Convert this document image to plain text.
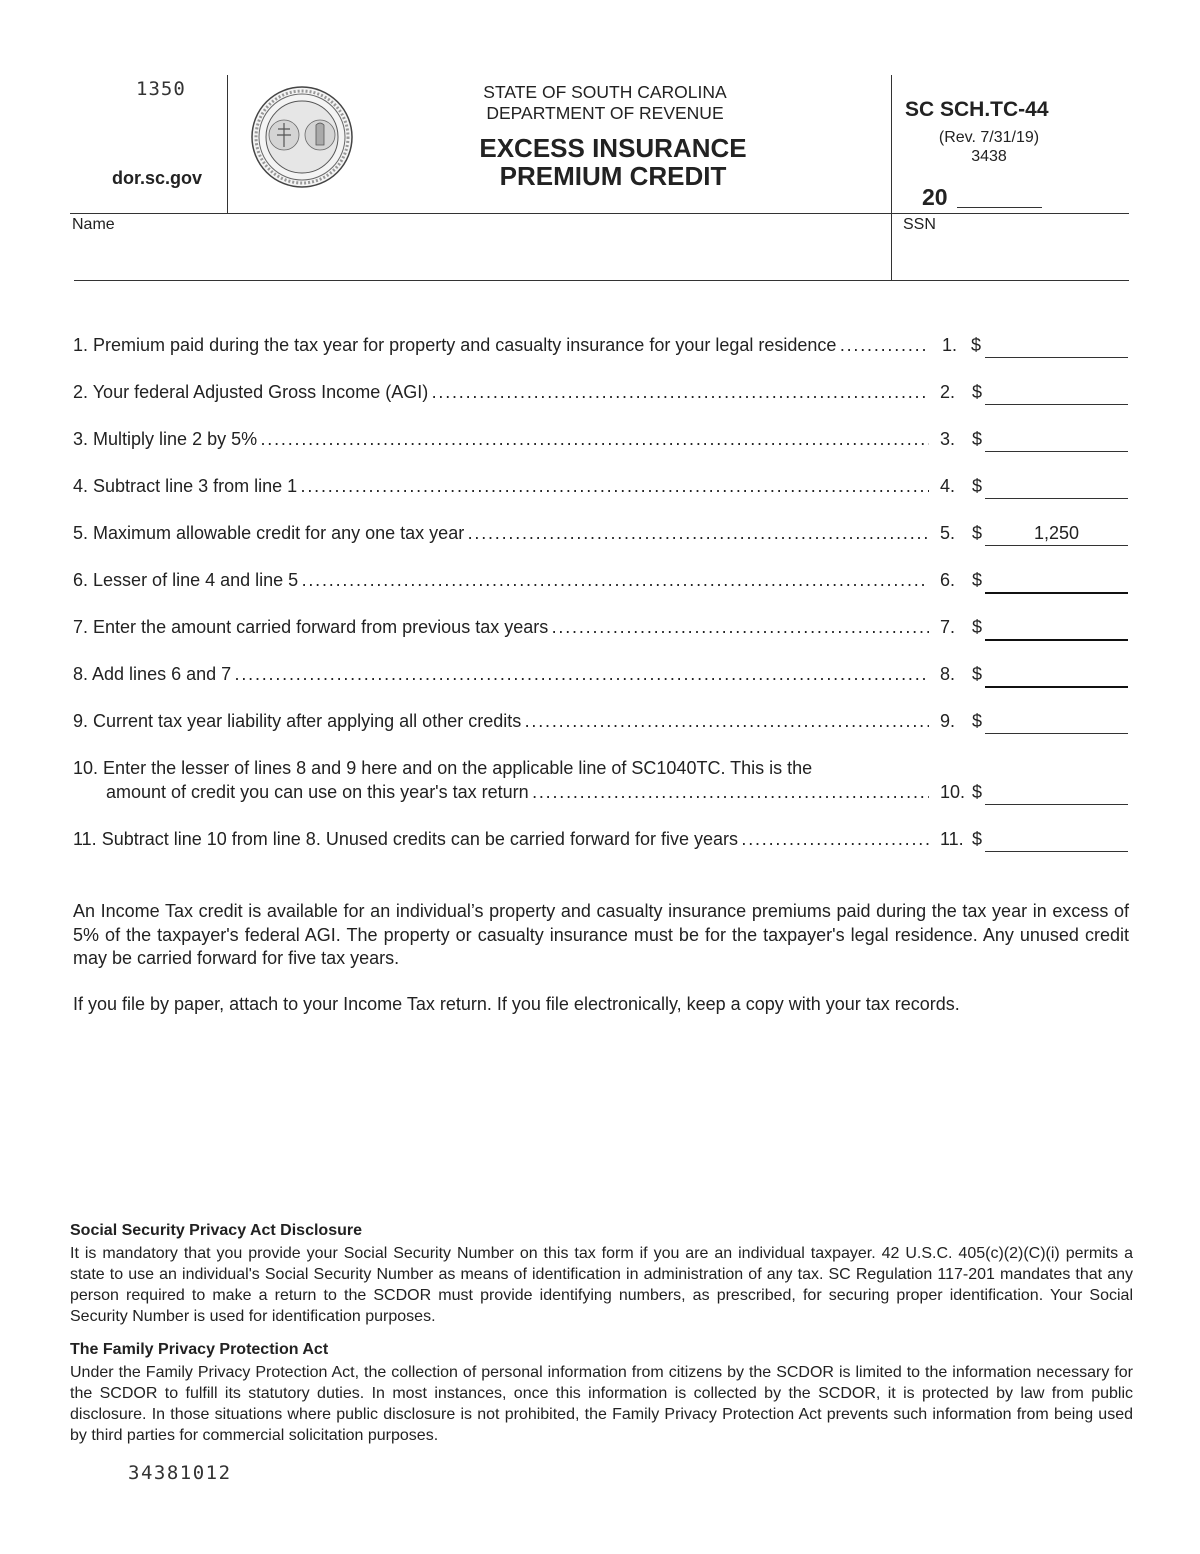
1350
dor.sc.gov
STATE OF SOUTH CAROLINA
DEPARTMENT OF REVENUE
EXCESS INSURANCE
PREMIUM CREDIT
SC SCH.TC-44
(Rev. 7/31/19)
3438
20
Name	SSN
1. Premium paid during the tax year for property and casualty insurance for your legal residence . . .	1. $
2. Your federal Adjusted Gross Income (AGI) . . .	2. $
3. Multiply line 2 by 5% . . .	3. $
4. Subtract line 3 from line 1 . . .	4. $
5. Maximum allowable credit for any one tax year . . .	5. $	1,250
6. Lesser of line 4 and line 5 . . .	6. $
7. Enter the amount carried forward from previous tax years . . .	7. $
8. Add lines 6 and 7 . . .	8. $
9. Current tax year liability after applying all other credits . . .	9. $
10. Enter the lesser of lines 8 and 9 here and on the applicable line of SC1040TC. This is the
amount of credit you can use on this year's tax return . . .	10. $
11. Subtract line 10 from line 8. Unused credits can be carried forward for five years . . .	11. $
An Income Tax credit is available for an individual’s property and casualty insurance premiums paid during the tax year in excess of 5% of the taxpayer's federal AGI. The property or casualty insurance must be for the taxpayer's legal residence. Any unused credit may be carried forward for five tax years.
If you file by paper, attach to your Income Tax return. If you file electronically, keep a copy with your tax records.
Social Security Privacy Act Disclosure
It is mandatory that you provide your Social Security Number on this tax form if you are an individual taxpayer. 42 U.S.C. 405(c)(2)(C)(i) permits a state to use an individual's Social Security Number as means of identification in administration of any tax. SC Regulation 117-201 mandates that any person required to make a return to the SCDOR must provide identifying numbers, as prescribed, for securing proper identification. Your Social Security Number is used for identification purposes.
The Family Privacy Protection Act
Under the Family Privacy Protection Act, the collection of personal information from citizens by the SCDOR is limited to the information necessary for the SCDOR to fulfill its statutory duties. In most instances, once this information is collected by the SCDOR, it is protected by law from public disclosure. In those situations where public disclosure is not prohibited, the Family Privacy Protection Act prevents such information from being used by third parties for commercial solicitation purposes.
34381012
